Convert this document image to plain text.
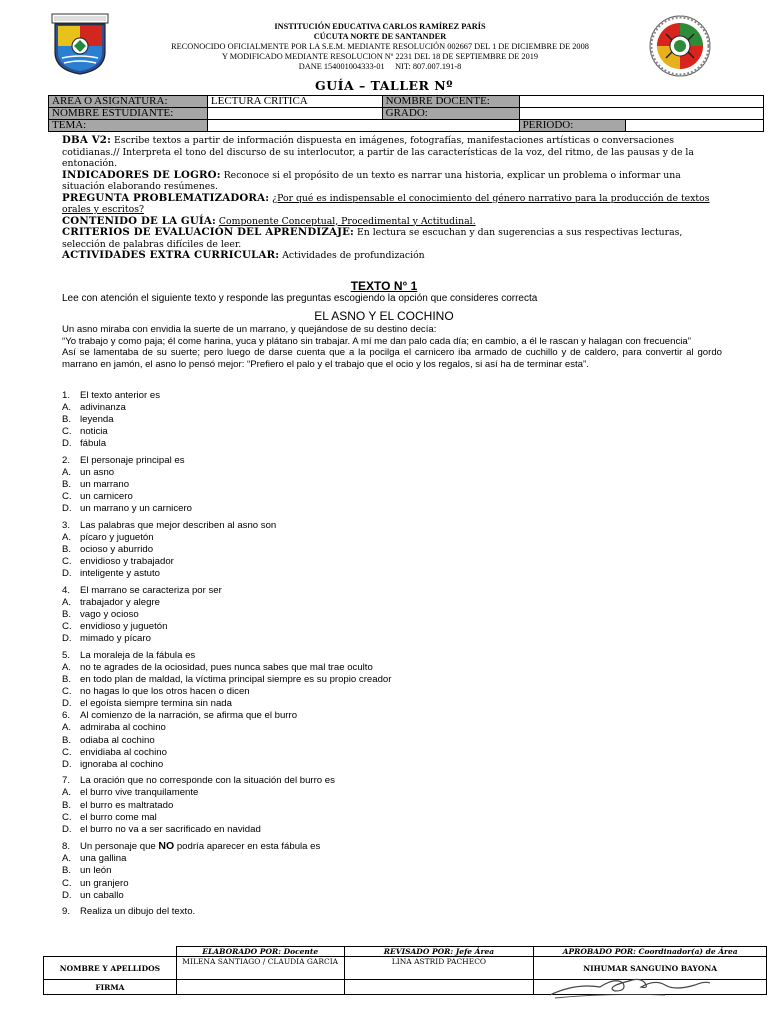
INSTITUCIÓN EDUCATIVA CARLOS RAMÍREZ PARÍS
CÚCUTA NORTE DE SANTANDER
RECONOCIDO OFICIALMENTE POR LA S.E.M. MEDIANTE RESOLUCIÓN 002667 DEL 1 DE DICIEMBRE DE 2008
Y MODIFICADO MEDIANTE RESOLUCION Nº 2231 DEL 18 DE SEPTIEMBRE DE 2019
DANE 154001004333-01     NIT: 807.007.191-8
GUÍA – TALLER Nº
ÁREA O ASIGNATURA:	LECTURA CRITICA	NOMBRE DOCENTE:		
NOMBRE ESTUDIANTE:		GRADO:		
TEMA:			PERIODO:	

DBA V2: Escribe textos a partir de información dispuesta en imágenes, fotografías, manifestaciones artísticas o conversaciones cotidianas.// Interpreta el tono del discurso de su interlocutor, a partir de las características de la voz, del ritmo, de las pausas y de la entonación.

INDICADORES DE LOGRO: Reconoce si el propósito de un texto es narrar una historia, explicar un problema o informar una situación elaborando resúmenes.

PREGUNTA PROBLEMATIZADORA: ¿Por qué es indispensable el conocimiento del género narrativo para la producción de textos orales y escritos?

CONTENIDO DE LA GUÍA: Componente Conceptual, Procedimental y Actitudinal.

CRITERIOS DE EVALUACIÓN DEL APRENDIZAJE: En lectura se escuchan y dan sugerencias a sus respectivas lecturas, selección de palabras difíciles de leer.

ACTIVIDADES EXTRA CURRICULAR: Actividades de profundización

TEXTO N° 1
Lee con atención el siguiente texto y responde las preguntas escogiendo la opción que consideres correcta
EL ASNO Y EL COCHINO

Un asno miraba con envidia la suerte de un marrano, y quejándose de su destino decía:

“Yo trabajo y como paja; él come harina, yuca y plátano sin trabajar. A mí me dan palo cada día; en cambio, a él le rascan y halagan con frecuencia”

Así se lamentaba de su suerte; pero luego de darse cuenta que a la pocilga el carnicero iba armado de cuchillo y de caldero, para convertir al gordo marrano en jamón, el asno lo pensó mejor: “Prefiero el palo y el trabajo que el ocio y los regalos, si así ha de terminar esta”.

1. El texto anterior es

A. adivinanza

B. leyenda

C. noticia

D. fábula

2. El personaje principal es

A. un asno

B. un marrano

C. un carnicero

D. un marrano y un carnicero

3. Las palabras que mejor describen al asno son

A. pícaro y juguetón

B. ocioso y aburrido

C. envidioso y trabajador

D. inteligente y astuto

4. El marrano se caracteriza por ser

A. trabajador y alegre

B. vago y ocioso

C. envidioso y juguetón

D. mimado y pícaro

5. La moraleja de la fábula es

A. no te agrades de la ociosidad, pues nunca sabes que mal trae oculto

B. en todo plan de maldad, la víctima principal siempre es su propio creador

C. no hagas lo que los otros hacen o dicen

D. el egoísta siempre termina sin nada

6. Al comienzo de la narración, se afirma que el burro

A. admiraba al cochino

B. odiaba al cochino

C. envidiaba al cochino

D. ignoraba al cochino

7. La oración que no corresponde con la situación del burro es

A. el burro vive tranquilamente

B. el burro es maltratado

C. el burro come mal

D. el burro no va a ser sacrificado en navidad

8. Un personaje que NO podría aparecer en esta fábula es

A. una gallina

B. un león

C. un granjero

D. un caballo

9. Realiza un dibujo del texto.

	ELABORADO POR: Docente	REVISADO POR: Jefe Área	APROBADO POR: Coordinador(a) de Área
NOMBRE Y APELLIDOS	MILENA SANTIAGO / CLAUDIA GARCIA	LINA ASTRID PACHECO	NIHUMAR SANGUINO BAYONA
FIRMA			
